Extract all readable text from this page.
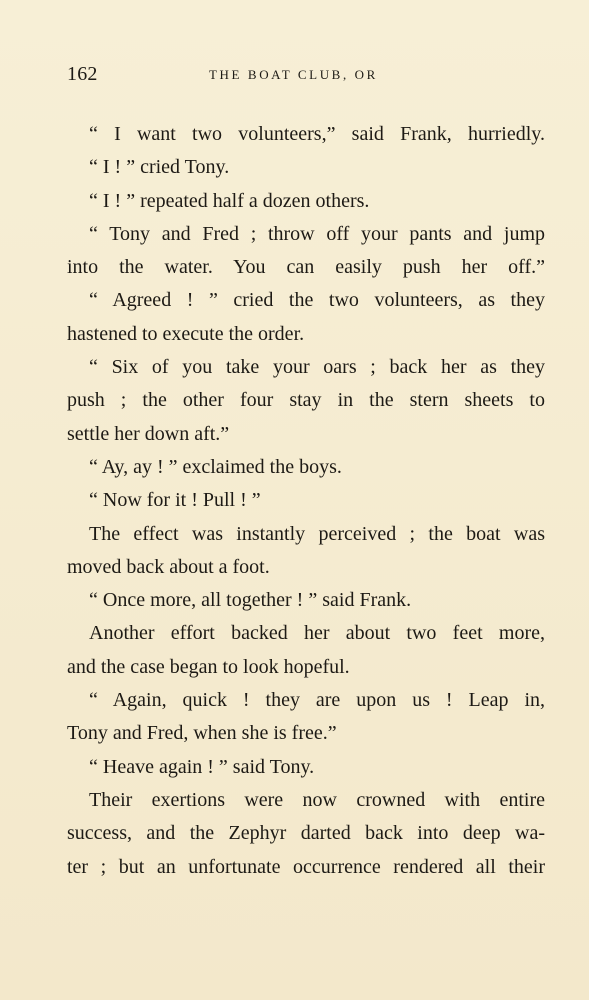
162	THE BOAT CLUB, OR
“ I want two volunteers,” said Frank, hurriedly.
“ I ! ” cried Tony.
“ I ! ” repeated half a dozen others.
“ Tony and Fred ; throw off your pants and jump
into the water. You can easily push her off.”
“ Agreed ! ” cried the two volunteers, as they
hastened to execute the order.
“ Six of you take your oars ; back her as they
push ; the other four stay in the stern sheets to
settle her down aft.”
“ Ay, ay ! ” exclaimed the boys.
“ Now for it ! Pull ! ”
The effect was instantly perceived ; the boat was
moved back about a foot.
“ Once more, all together ! ” said Frank.
Another effort backed her about two feet more,
and the case began to look hopeful.
“ Again, quick ! they are upon us ! Leap in,
Tony and Fred, when she is free.”
“ Heave again ! ” said Tony.
Their exertions were now crowned with entire
success, and the Zephyr darted back into deep wa-
ter ; but an unfortunate occurrence rendered all their
